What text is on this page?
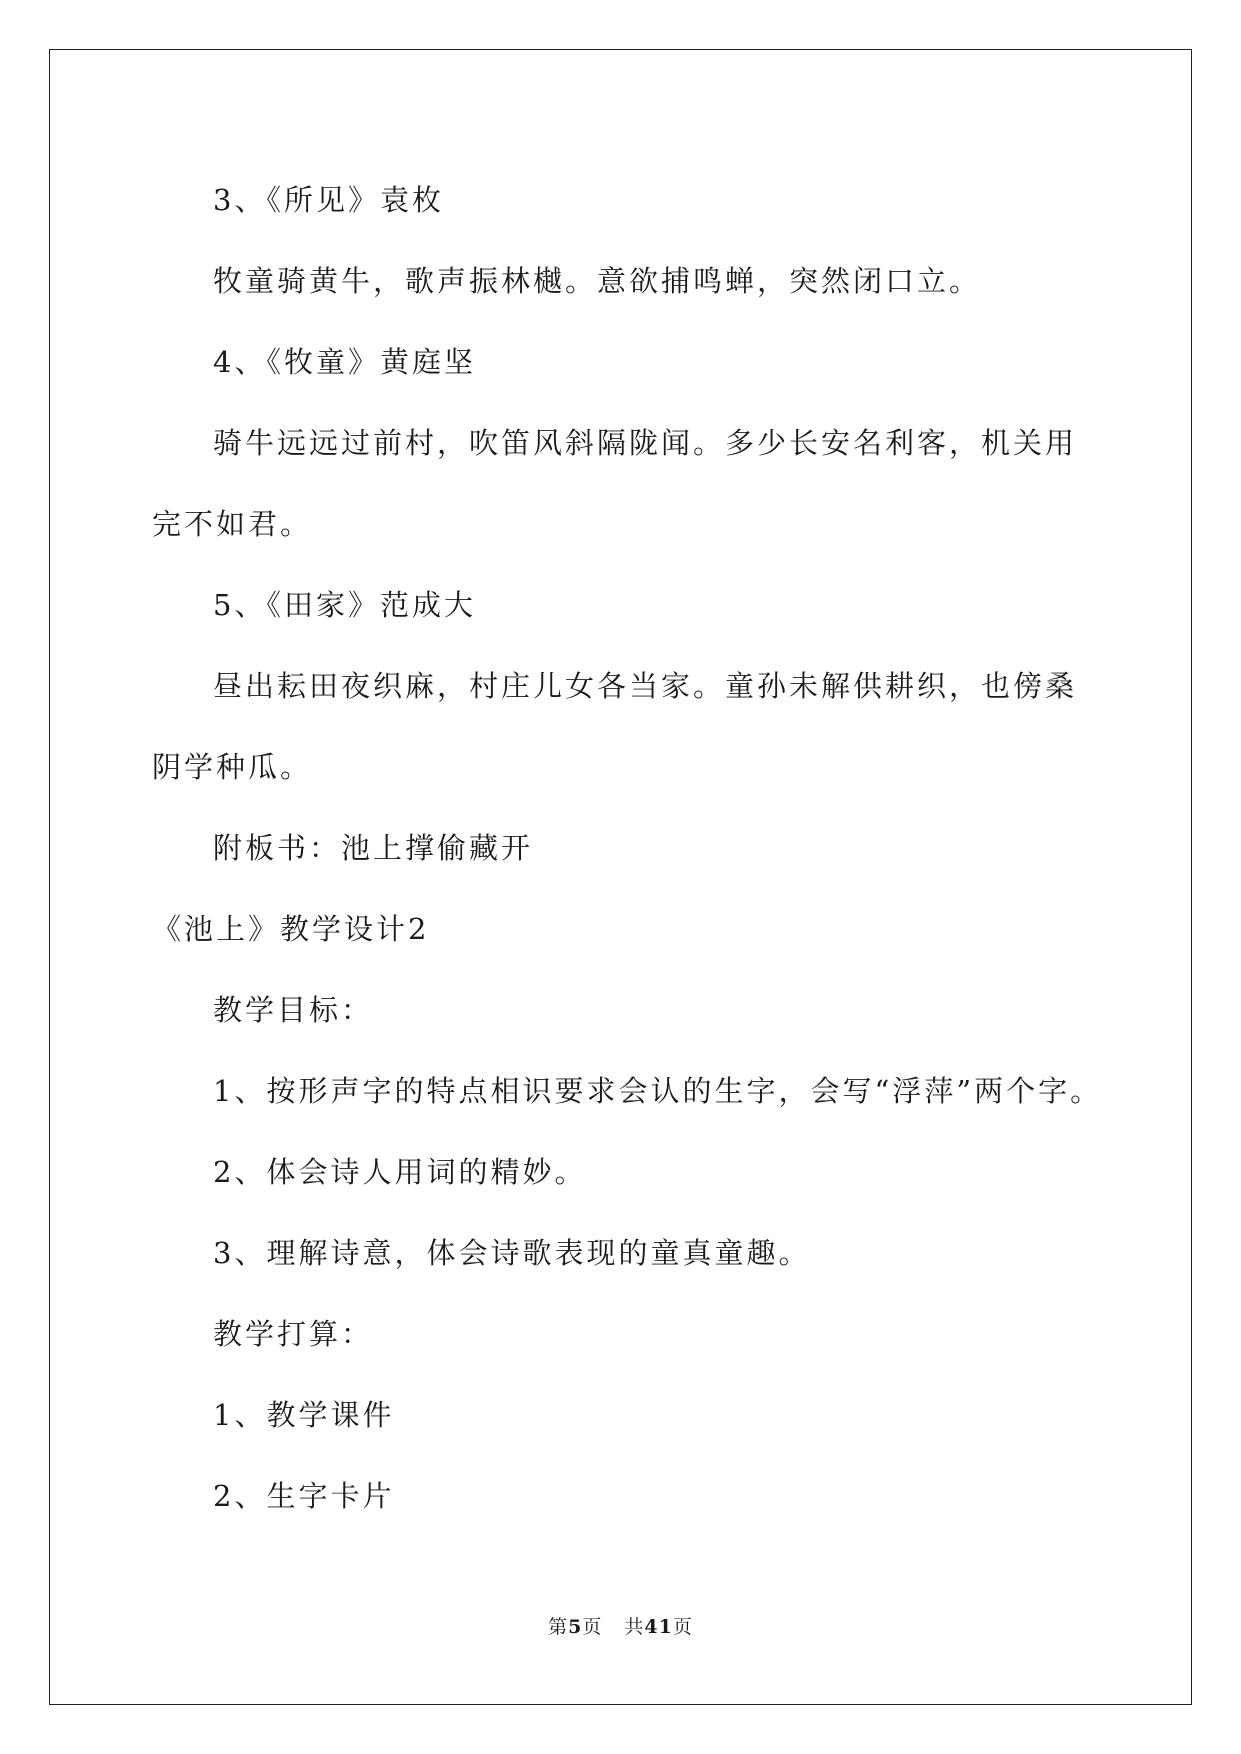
3、《所见》袁枚

牧童骑黄牛，歌声振林樾。意欲捕鸣蝉，突然闭口立。

4、《牧童》黄庭坚

骑牛远远过前村，吹笛风斜隔陇闻。多少长安名利客，机关用完不如君。

5、《田家》范成大

昼出耘田夜织麻，村庄儿女各当家。童孙未解供耕织，也傍桑阴学种瓜。

附板书：池上撑偷藏开

《池上》教学设计2

教学目标：

1、按形声字的特点相识要求会认的生字，会写“浮萍”两个字。

2、体会诗人用词的精妙。

3、理解诗意，体会诗歌表现的童真童趣。

教学打算：

1、教学课件

2、生字卡片

第5页 共41页
